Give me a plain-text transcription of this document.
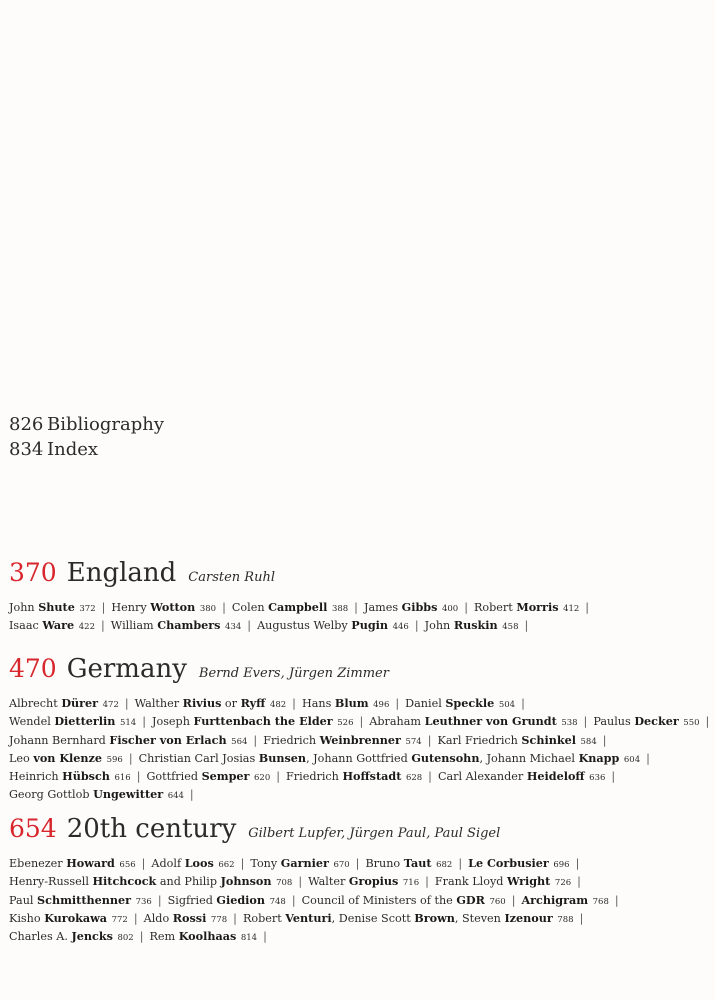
826 Bibliography
834 Index
370 England Carsten Ruhl
John Shute 372 | Henry Wotton 380 | Colen Campbell 388 | James Gibbs 400 | Robert Morris 412 |
Isaac Ware 422 | William Chambers 434 | Augustus Welby Pugin 446 | John Ruskin 458 |
470 Germany Bernd Evers, Jürgen Zimmer
Albrecht Dürer 472 | Walther Rivius or Ryff 482 | Hans Blum 496 | Daniel Speckle 504 |
Wendel Dietterlin 514 | Joseph Furttenbach the Elder 526 | Abraham Leuthner von Grundt 538 | Paulus Decker 550 |
Johann Bernhard Fischer von Erlach 564 | Friedrich Weinbrenner 574 | Karl Friedrich Schinkel 584 |
Leo von Klenze 596 | Christian Carl Josias Bunsen, Johann Gottfried Gutensohn, Johann Michael Knapp 604 |
Heinrich Hübsch 616 | Gottfried Semper 620 | Friedrich Hoffstadt 628 | Carl Alexander Heideloff 636 |
Georg Gottlob Ungewitter 644 |
654 20th century Gilbert Lupfer, Jürgen Paul, Paul Sigel
Ebenezer Howard 656 | Adolf Loos 662 | Tony Garnier 670 | Bruno Taut 682 | Le Corbusier 696 |
Henry-Russell Hitchcock and Philip Johnson 708 | Walter Gropius 716 | Frank Lloyd Wright 726 |
Paul Schmitthenner 736 | Sigfried Giedion 748 | Council of Ministers of the GDR 760 | Archigram 768 |
Kisho Kurokawa 772 | Aldo Rossi 778 | Robert Venturi, Denise Scott Brown, Steven Izenour 788 |
Charles A. Jencks 802 | Rem Koolhaas 814 |
